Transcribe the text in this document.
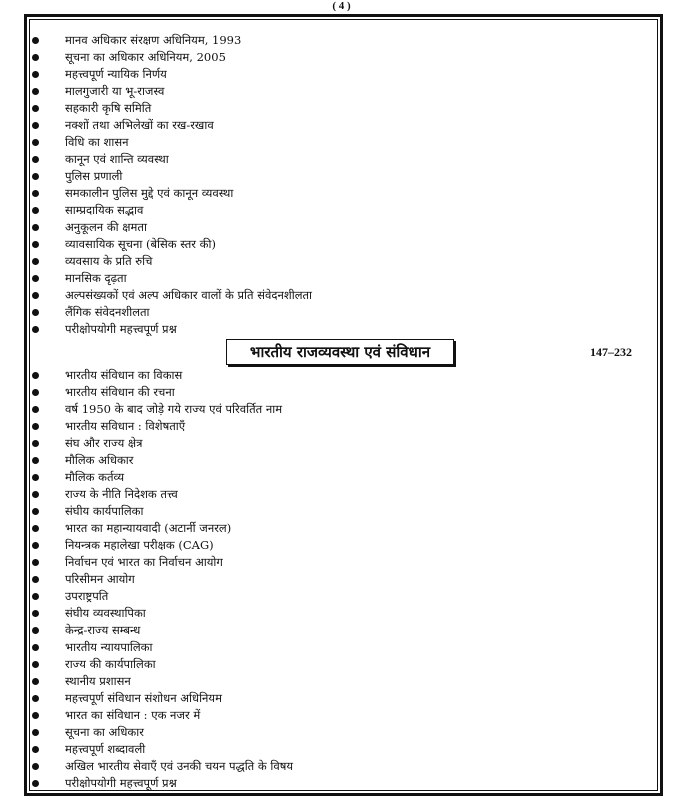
( 4 )
मानव अधिकार संरक्षण अधिनियम, 1993
सूचना का अधिकार अधिनियम, 2005
महत्त्वपूर्ण न्यायिक निर्णय
मालगुजारी या भू-राजस्व
सहकारी कृषि समिति
नक्शों तथा अभिलेखों का रख-रखाव
विधि का शासन
कानून एवं शान्ति व्यवस्था
पुलिस प्रणाली
समकालीन पुलिस मुद्दे एवं कानून व्यवस्था
साम्प्रदायिक सद्भाव
अनुकूलन की क्षमता
व्यावसायिक सूचना (बेसिक स्तर की)
व्यवसाय के प्रति रुचि
मानसिक दृढ़ता
अल्पसंख्यकों एवं अल्प अधिकार वालों के प्रति संवेदनशीलता
लैंगिक संवेदनशीलता
परीक्षोपयोगी महत्त्वपूर्ण प्रश्न
भारतीय राजव्यवस्था एवं संविधान	147–232
भारतीय संविधान का विकास
भारतीय संविधान की रचना
वर्ष 1950 के बाद जोड़े गये राज्य एवं परिवर्तित नाम
भारतीय सविधान : विशेषताएँ
संघ और राज्य क्षेत्र
मौलिक अधिकार
मौलिक कर्तव्य
राज्य के नीति निदेशक तत्त्व
संघीय कार्यपालिका
भारत का महान्यायवादी (अटार्नी जनरल)
नियन्त्रक महालेखा परीक्षक (CAG)
निर्वाचन एवं भारत का निर्वाचन आयोग
परिसीमन आयोग
उपराष्ट्रपति
संघीय व्यवस्थापिका
केन्द्र-राज्य सम्बन्ध
भारतीय न्यायपालिका
राज्य की कार्यपालिका
स्थानीय प्रशासन
महत्त्वपूर्ण संविधान संशोधन अधिनियम
भारत का संविधान : एक नजर में
सूचना का अधिकार
महत्त्वपूर्ण शब्दावली
अखिल भारतीय सेवाएँ एवं उनकी चयन पद्धति के विषय
परीक्षोपयोगी महत्त्वपूर्ण प्रश्न
